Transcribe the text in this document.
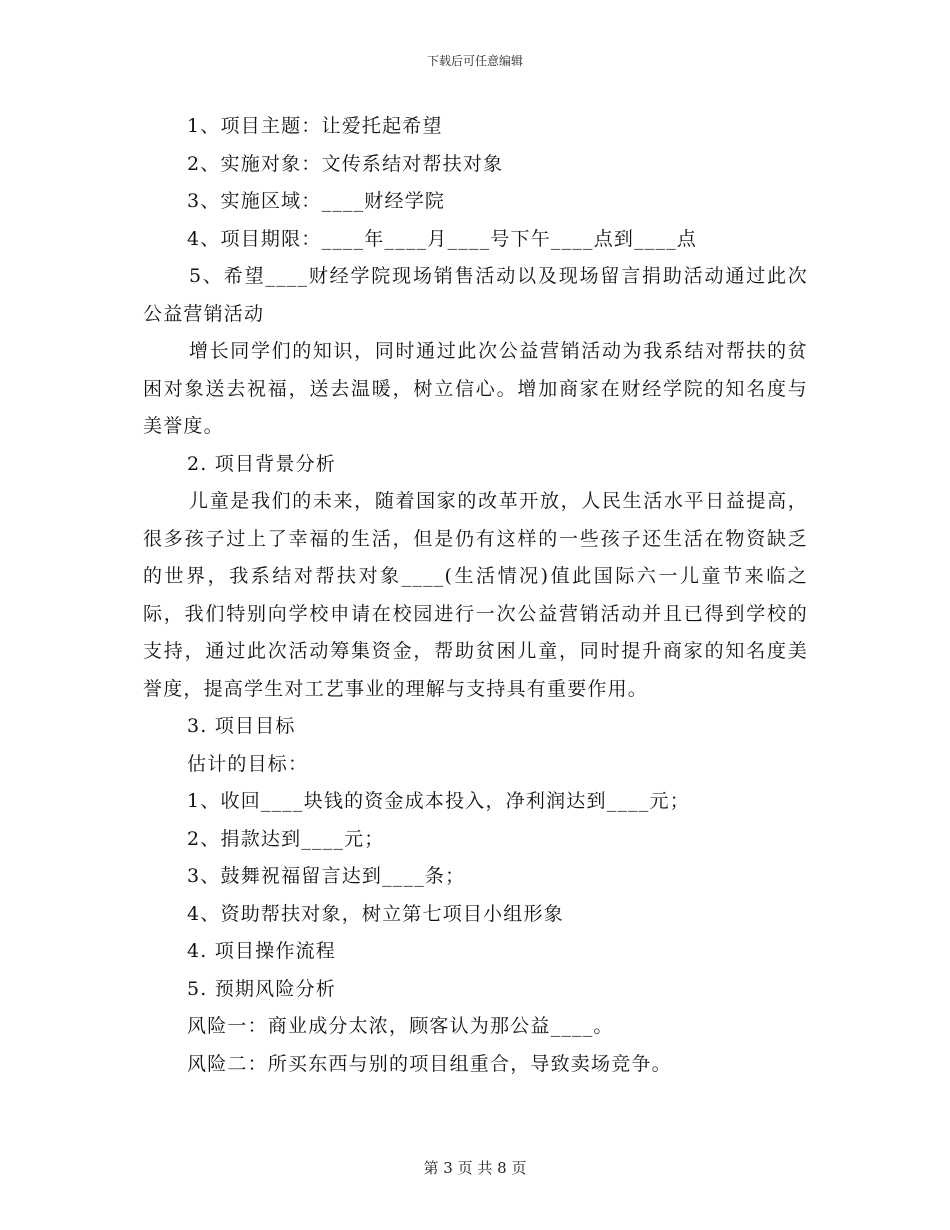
下载后可任意编辑

1、项目主题：让爱托起希望

2、实施对象：文传系结对帮扶对象

3、实施区域：____财经学院

4、项目期限：____年____月____号下午____点到____点

5、希望____财经学院现场销售活动以及现场留言捐助活动通过此次公益营销活动

增长同学们的知识，同时通过此次公益营销活动为我系结对帮扶的贫困对象送去祝福，送去温暖，树立信心。增加商家在财经学院的知名度与美誉度。

2. 项目背景分析

儿童是我们的未来，随着国家的改革开放，人民生活水平日益提高，很多孩子过上了幸福的生活，但是仍有这样的一些孩子还生活在物资缺乏的世界，我系结对帮扶对象____(生活情况)值此国际六一儿童节来临之际，我们特别向学校申请在校园进行一次公益营销活动并且已得到学校的支持，通过此次活动筹集资金，帮助贫困儿童，同时提升商家的知名度美誉度，提高学生对工艺事业的理解与支持具有重要作用。

3. 项目目标

估计的目标：

1、收回____块钱的资金成本投入，净利润达到____元；

2、捐款达到____元；

3、鼓舞祝福留言达到____条；

4、资助帮扶对象，树立第七项目小组形象

4. 项目操作流程

5. 预期风险分析

风险一：商业成分太浓，顾客认为那公益____。

风险二：所买东西与别的项目组重合，导致卖场竞争。

第 3 页 共 8 页
